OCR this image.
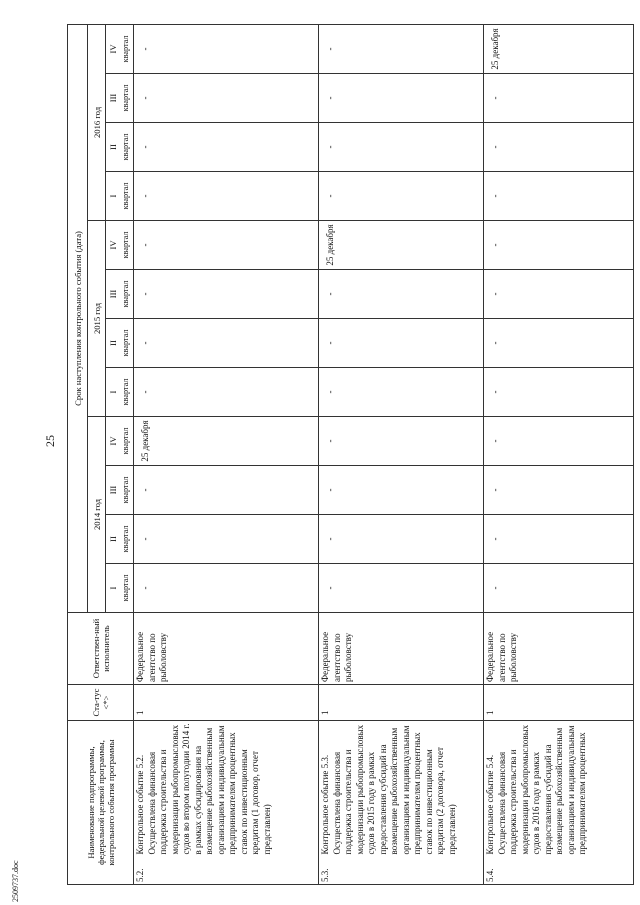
25
2509737.doc
Наименование подпрограммы, федеральной целевой программы, контрольного события программы		Ста-тус <*>	Ответствен-ный исполнитель	Срок наступления контрольного события (дата)											
				2014 год				2015 год				2016 год			
				I	II	III	IV	I	II	III	IV	I	II	III	IV
				квартал	квартал	квартал	квартал	квартал	квартал	квартал	квартал	квартал	квартал	квартал	квартал
5.2.	Контрольное событие 5.2. Осуществлена финансовая поддержка строительства и модернизации рыбопромысловых судов во втором полугодии 2014 г. в рамках субсидирования на возмещение рыбохозяйственным организациям и индивидуальным предпринимателям процентных ставок по инвестиционным кредитам (1 договор, отчет представлен)	1	Федеральное агентство по рыболовству	-	-	-	25 декабря	-	-	-	-	-	-	-	-

5.3.	Контрольное событие 5.3. Осуществлена финансовая поддержка строительства и модернизации рыбопромысловых судов в 2015 году в рамках предоставления субсидий на возмещение рыбохозяйственным организациям и индивидуальным предпринимателям процентных ставок по инвестиционным кредитам (2 договора, отчет представлен)	1	Федеральное агентство по рыболовству	-	-	-	-	-	-	-	25 декабря	-	-	-	-

5.4.	Контрольное событие 5.4. Осуществлена финансовая поддержка строительства и модернизации рыбопромысловых судов в 2016 году в рамках предоставления субсидий на возмещение рыбохозяйственным организациям и индивидуальным предпринимателям процентных	1	Федеральное агентство по рыболовству	-	-	-	-	-	-	-	-	-	-	-	25 декабря
